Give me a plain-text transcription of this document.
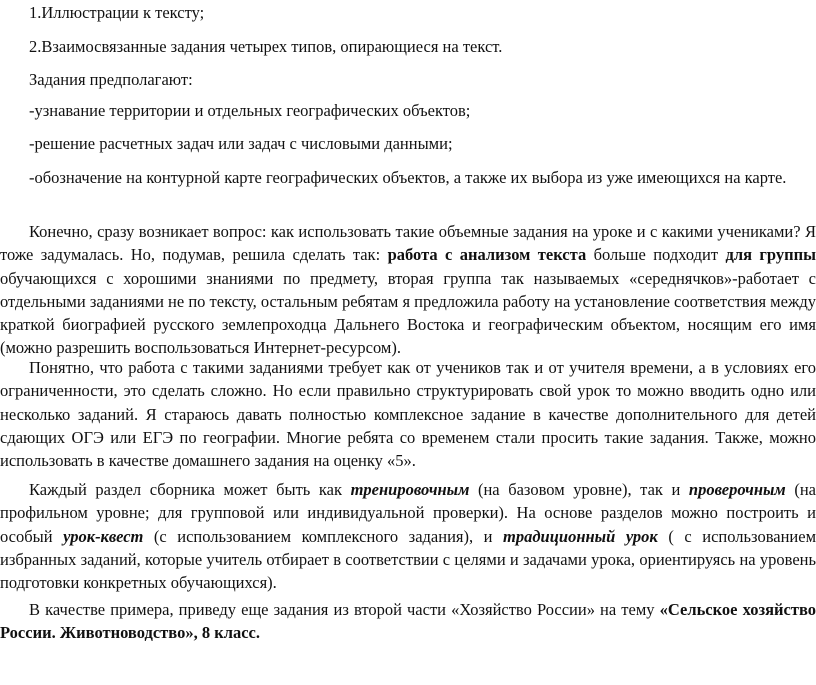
1.Иллюстрации к тексту;

2.Взаимосвязанные задания четырех типов, опирающиеся на текст.

Задания предполагают:

-узнавание территории и отдельных географических объектов;

-решение расчетных задач или задач с числовыми данными;

-обозначение на контурной карте географических объектов, а также их выбора из уже имеющихся на карте.

Конечно, сразу возникает вопрос: как использовать такие объемные задания на уроке и с какими учениками? Я тоже задумалась. Но, подумав, решила сделать так: работа с анализом текста больше подходит для группы обучающихся с хорошими знаниями по предмету, вторая группа так называемых «середнячков»-работает с отдельными заданиями не по тексту, остальным ребятам я предложила работу на установление соответствия между краткой биографией русского землепроходца Дальнего Востока и географическим объектом, носящим его имя (можно разрешить воспользоваться Интернет-ресурсом).

Понятно, что работа с такими заданиями требует как от учеников так и от учителя времени, а в условиях его ограниченности, это сделать сложно. Но если правильно структурировать свой урок то можно вводить одно или несколько заданий. Я стараюсь давать полностью комплексное задание в качестве дополнительного для детей сдающих ОГЭ или ЕГЭ по географии. Многие ребята со временем стали просить такие задания. Также, можно использовать в качестве домашнего задания на оценку «5».

Каждый раздел сборника может быть как тренировочным (на базовом уровне), так и проверочным (на профильном уровне; для групповой или индивидуальной проверки). На основе разделов можно построить и особый урок-квест (с использованием комплексного задания), и традиционный урок ( с использованием избранных заданий, которые учитель отбирает в соответствии с целями и задачами урока, ориентируясь на уровень подготовки конкретных обучающихся).

В качестве примера, приведу еще задания из второй части «Хозяйство России» на тему «Сельское хозяйство России. Животноводство», 8 класс.
